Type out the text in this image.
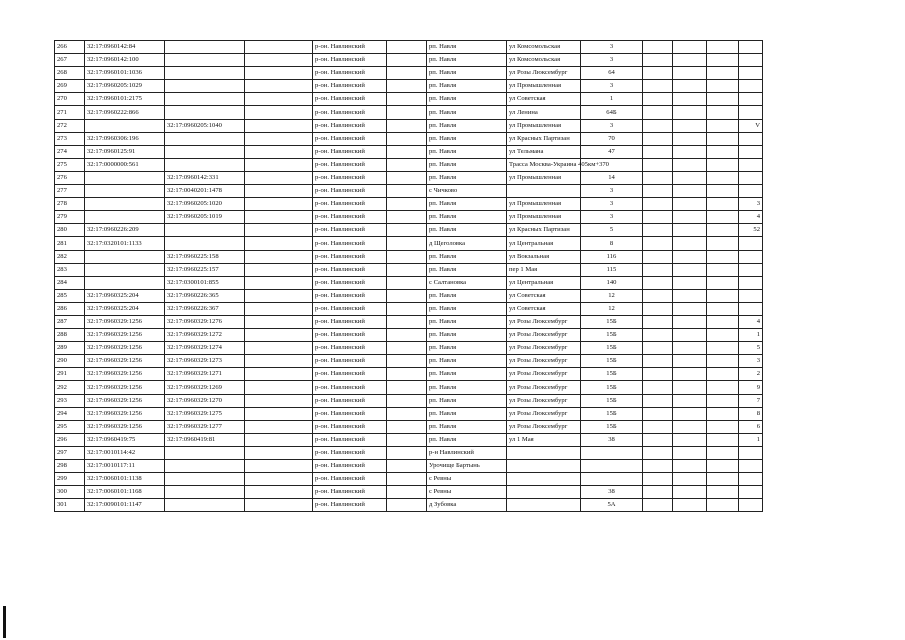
266	32:17:0960142:84			р-он. Навлинский		рп. Навля	ул Комсомольская	3				
267	32:17:0960142:100			р-он. Навлинский		рп. Навля	ул Комсомольская	3				
268	32:17:0960101:1036			р-он. Навлинский		рп. Навля	ул Розы Люксембург	64				
269	32:17:0960205:1029			р-он. Навлинский		рп. Навля	ул Промышленная	3				
270	32:17:0960101:2175			р-он. Навлинский		рп. Навля	ул Советская	1				
271	32:17:0960222:866			р-он. Навлинский		рп. Навля	ул Ленина	64Б				
272		32:17:0960205:1040		р-он. Навлинский		рп. Навля	ул Промышленная	3				V
273	32:17:0960306:196			р-он. Навлинский		рп. Навля	ул Красных Партизан	70				
274	32:17:0960125:91			р-он. Навлинский		рп. Навля	ул Тельмана	47				
275	32:17:0000000:561			р-он. Навлинский		рп. Навля	Трасса Москва-Украина 405км+370					
276		32:17:0960142:331		р-он. Навлинский		рп. Навля	ул Промышленная	14				
277		32:17:0040201:1478		р-он. Навлинский		с Чичково		3				
278		32:17:0960205:1020		р-он. Навлинский		рп. Навля	ул Промышленная	3				3
279		32:17:0960205:1019		р-он. Навлинский		рп. Навля	ул Промышленная	3				4
280	32:17:0960226:209			р-он. Навлинский		рп. Навля	ул Красных Партизан	5				52
281	32:17:0320101:1133			р-он. Навлинский		д Щеголовка	ул Центральная	8				
282		32:17:0960225:158		р-он. Навлинский		рп. Навля	ул Вокзальная	116				
283		32:17:0960225:157		р-он. Навлинский		рп. Навля	пер 1 Мая	115				
284		32:17:0300101:855		р-он. Навлинский		с Салтановка	ул Центральная	140				
285	32:17:0960325:204	32:17:0960226:365		р-он. Навлинский		рп. Навля	ул Советская	12				
286	32:17:0960325:204	32:17:0960226:367		р-он. Навлинский		рп. Навля	ул Советская	12				
287	32:17:0960329:1256	32:17:0960329:1276		р-он. Навлинский		рп. Навля	ул Розы Люксембург	15Б				4
288	32:17:0960329:1256	32:17:0960329:1272		р-он. Навлинский		рп. Навля	ул Розы Люксембург	15Б				1
289	32:17:0960329:1256	32:17:0960329:1274		р-он. Навлинский		рп. Навля	ул Розы Люксембург	15Б				5
290	32:17:0960329:1256	32:17:0960329:1273		р-он. Навлинский		рп. Навля	ул Розы Люксембург	15Б				3
291	32:17:0960329:1256	32:17:0960329:1271		р-он. Навлинский		рп. Навля	ул Розы Люксембург	15Б				2
292	32:17:0960329:1256	32:17:0960329:1269		р-он. Навлинский		рп. Навля	ул Розы Люксембург	15Б				9
293	32:17:0960329:1256	32:17:0960329:1270		р-он. Навлинский		рп. Навля	ул Розы Люксембург	15Б				7
294	32:17:0960329:1256	32:17:0960329:1275		р-он. Навлинский		рп. Навля	ул Розы Люксембург	15Б				8
295	32:17:0960329:1256	32:17:0960329:1277		р-он. Навлинский		рп. Навля	ул Розы Люксембург	15Б				6
296	32:17:0960419:75	32:17:0960419:81		р-он. Навлинский		рп. Навля	ул 1 Мая	38				1
297	32:17:0010114:42			р-он. Навлинский		р-н Навлинский						
298	32:17:0010117:11			р-он. Навлинский		Урочище Бартынь						
299	32:17:0060101:1138			р-он. Навлинский		с Ревны						
300	32:17:0060101:1168			р-он. Навлинский		с Ревны		38				
301	32:17:0090101:1147			р-он. Навлинский		д Зубовка		5А				
